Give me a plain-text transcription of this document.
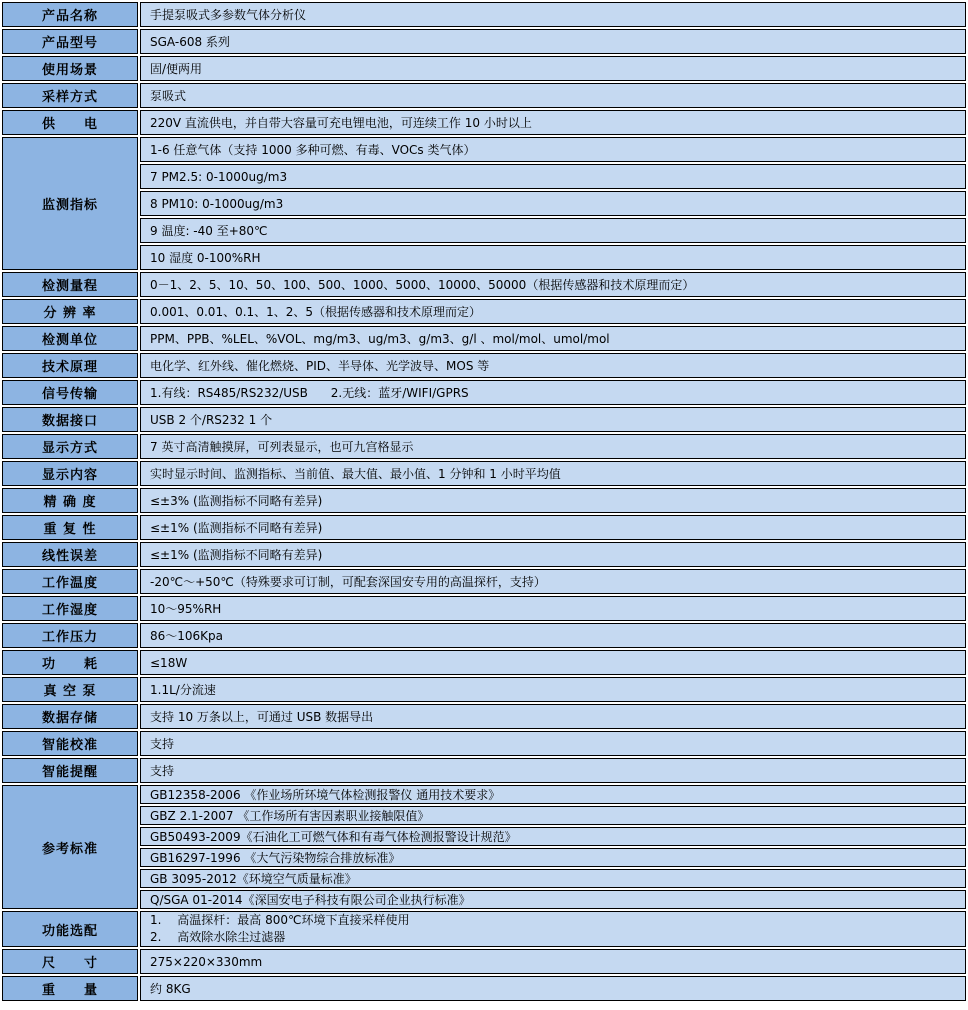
产品名称	手提泵吸式多参数气体分析仪
产品型号	SGA-608 系列
使用场景	固/便两用
采样方式	泵吸式
供　　电	220V 直流供电，并自带大容量可充电锂电池，可连续工作 10 小时以上
监测指标	1-6 任意气体（支持 1000 多种可燃、有毒、VOCs 类气体）
	7 PM2.5: 0-1000ug/m3
	8 PM10: 0-1000ug/m3
	9 温度: -40 至+80℃
	10 湿度 0-100%RH
检测量程	0－1、2、5、10、50、100、500、1000、5000、10000、50000（根据传感器和技术原理而定）
分 辨 率	0.001、0.01、0.1、1、2、5（根据传感器和技术原理而定）
检测单位	PPM、PPB、%LEL、%VOL、mg/m3、ug/m3、g/m3、g/l 、mol/mol、umol/mol
技术原理	电化学、红外线、催化燃烧、PID、半导体、光学波导、MOS 等
信号传输	1.有线：RS485/RS232/USB      2.无线：蓝牙/WIFI/GPRS
数据接口	USB 2 个/RS232 1 个
显示方式	7 英寸高清触摸屏，可列表显示，也可九宫格显示
显示内容	实时显示时间、监测指标、当前值、最大值、最小值、1 分钟和 1 小时平均值
精 确 度	≤±3% (监测指标不同略有差异)
重 复 性	≤±1% (监测指标不同略有差异)
线性误差	≤±1% (监测指标不同略有差异)
工作温度	-20℃～+50℃（特殊要求可订制，可配套深国安专用的高温探杆，支持）
工作湿度	10～95%RH
工作压力	86～106Kpa
功　　耗	≤18W
真 空 泵	1.1L/分流速
数据存储	支持 10 万条以上，可通过 USB 数据导出
智能校准	支持
智能提醒	支持
参考标准	GB12358-2006 《作业场所环境气体检测报警仪 通用技术要求》
	GBZ 2.1-2007 《工作场所有害因素职业接触限值》
	GB50493-2009《石油化工可燃气体和有毒气体检测报警设计规范》
	GB16297-1996 《大气污染物综合排放标准》
	GB 3095-2012《环境空气质量标准》
	Q/SGA 01-2014《深国安电子科技有限公司企业执行标准》
功能选配	1.　 高温探杆：最高 800℃环境下直接采样使用
2.　 高效除水除尘过滤器

尺　　寸	275×220×330mm
重　　量	约 8KG
